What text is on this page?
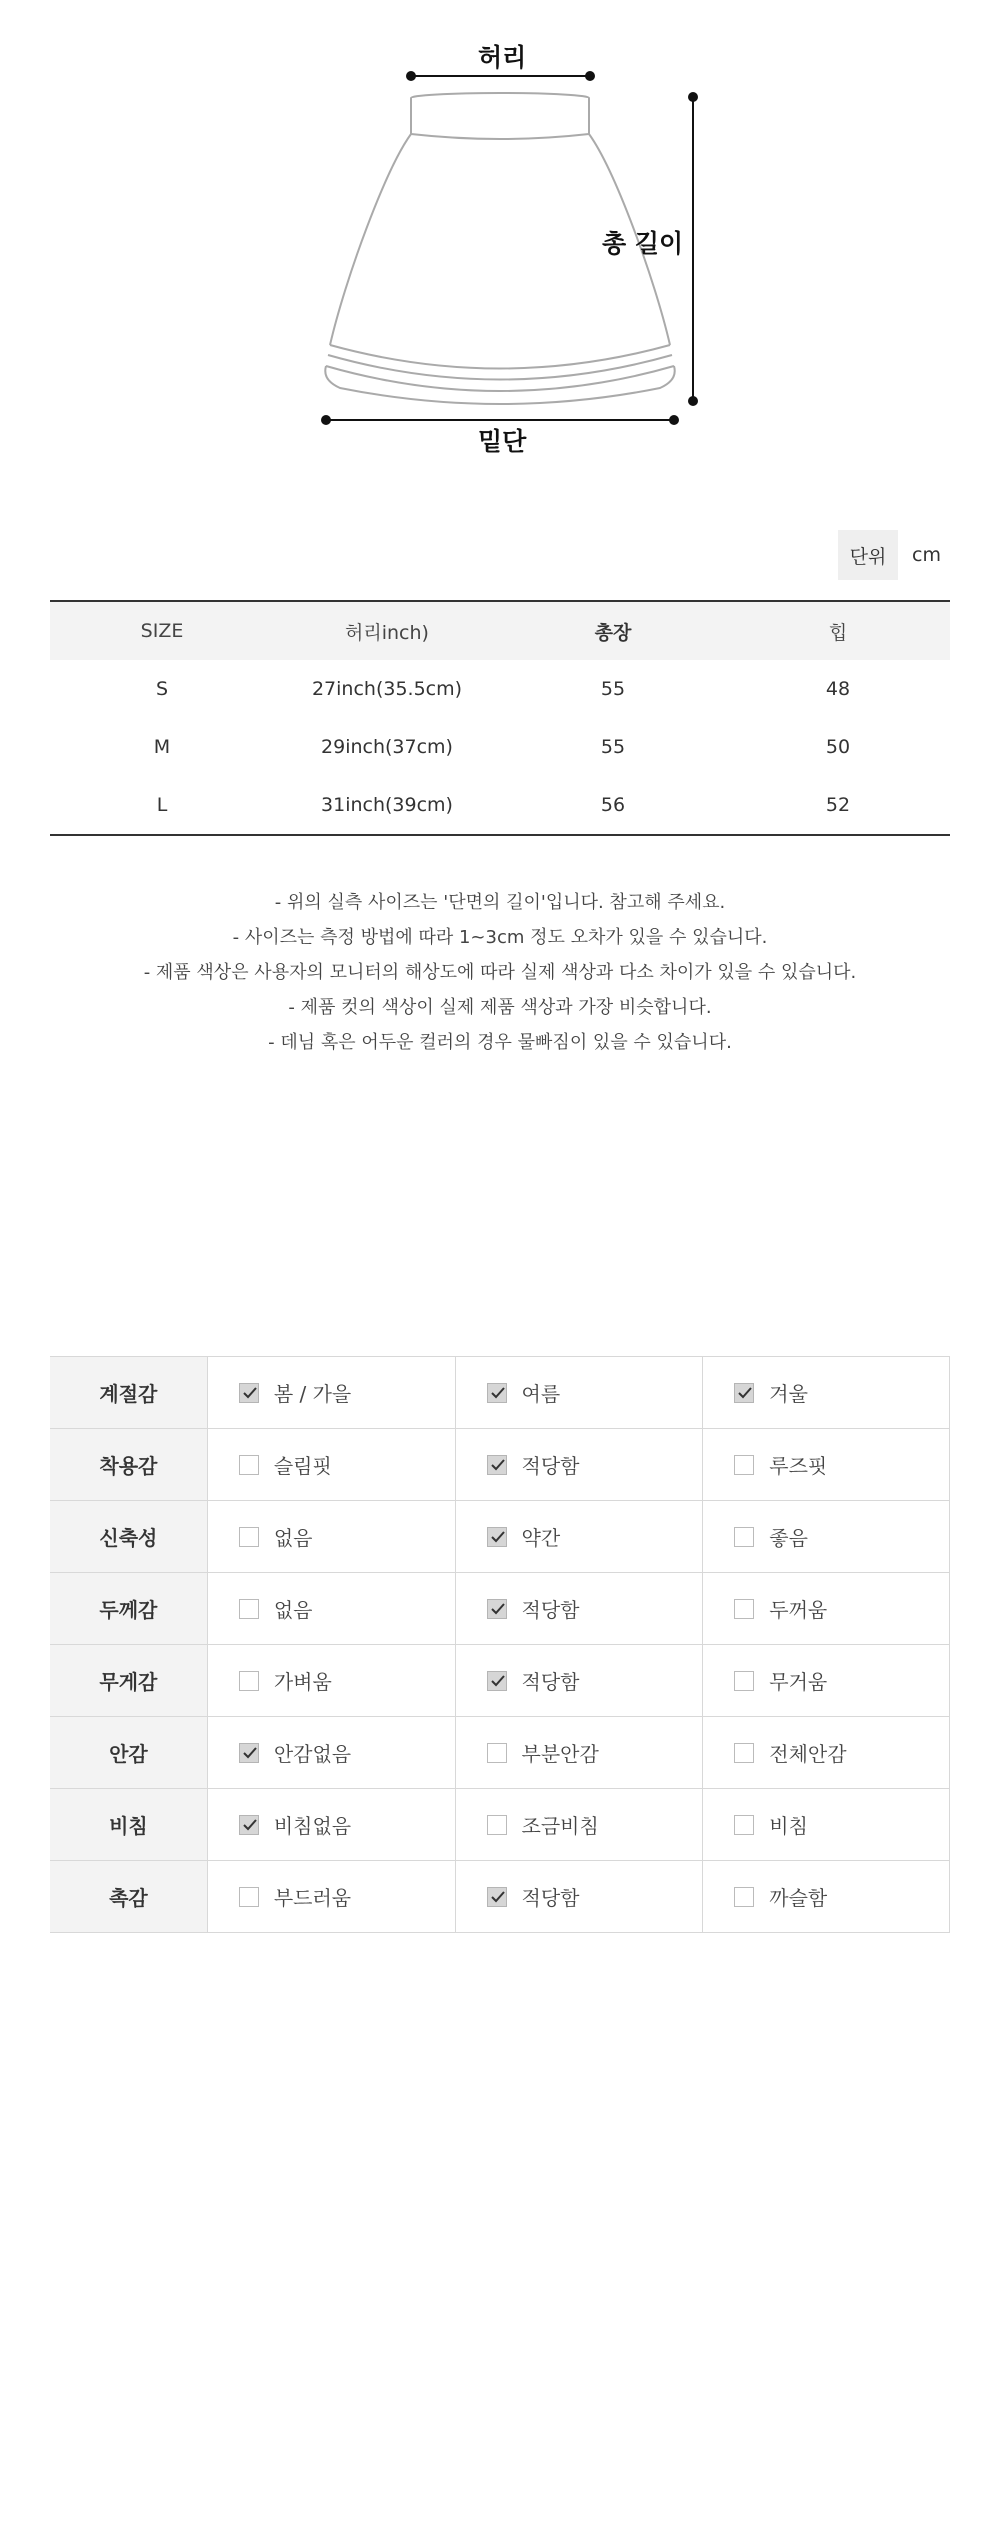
허리
총 길이
밑단
단위	cm
SIZE	허리inch)	총장	힙
S	27inch(35.5cm)	55	48
M	29inch(37cm)	55	50
L	31inch(39cm)	56	52
- 위의 실측 사이즈는 '단면의 길이'입니다. 참고해 주세요.
- 사이즈는 측정 방법에 따라 1~3cm 정도 오차가 있을 수 있습니다.
- 제품 색상은 사용자의 모니터의 해상도에 따라 실제 색상과 다소 차이가 있을 수 있습니다.
- 제품 컷의 색상이 실제 제품 색상과 가장 비슷합니다.
- 데님 혹은 어두운 컬러의 경우 물빠짐이 있을 수 있습니다.
계절감	봄 / 가을	여름	겨울
착용감	슬림핏	적당함	루즈핏
신축성	없음	약간	좋음
두께감	없음	적당함	두꺼움
무게감	가벼움	적당함	무거움
안감	안감없음	부분안감	전체안감
비침	비침없음	조금비침	비침
촉감	부드러움	적당함	까슬함
